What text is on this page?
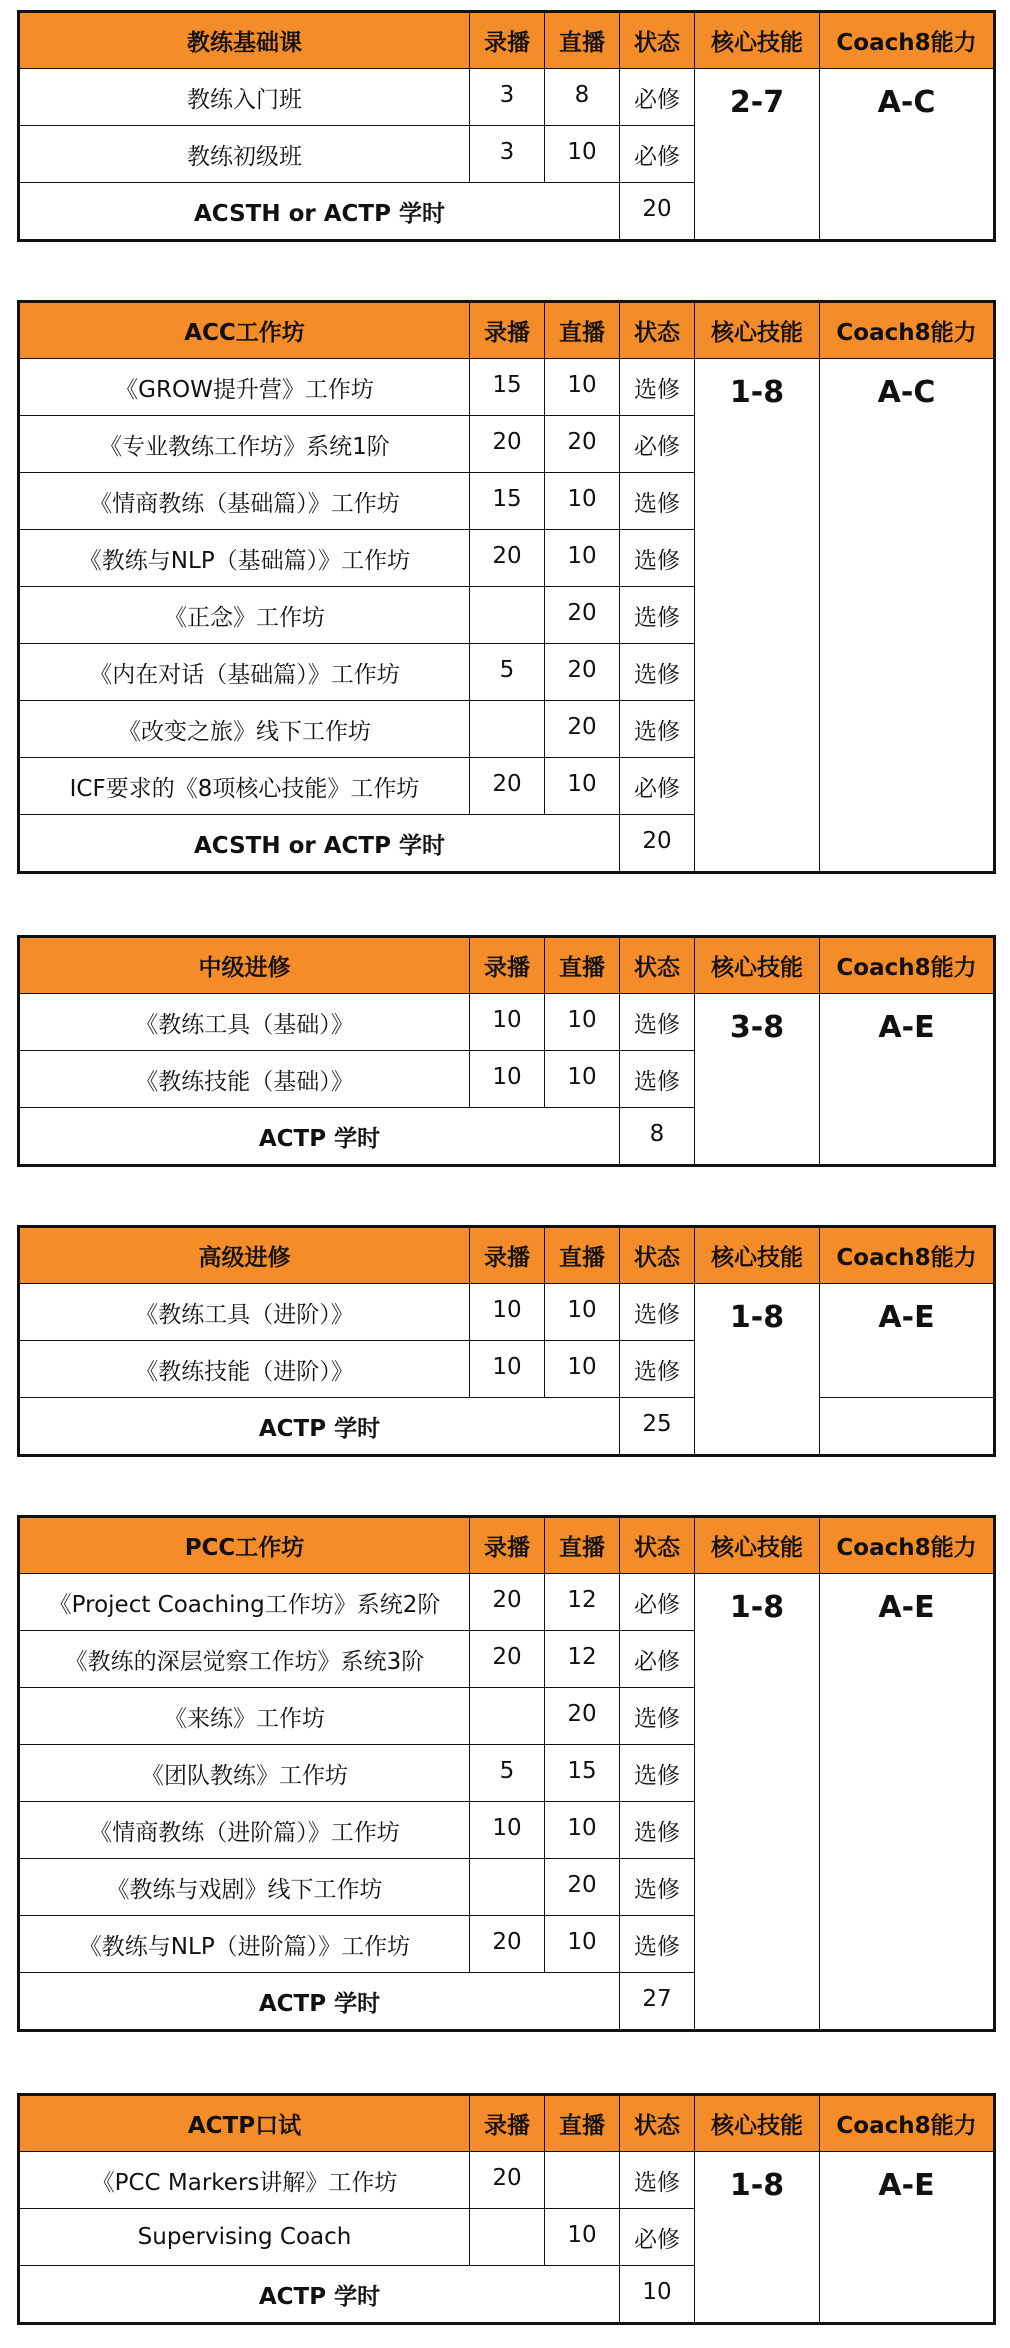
教练基础课	录播	直播	状态	核心技能	Coach8能力
教练入门班	3	8	必修	2-7	A-C
教练初级班	3	10	必修		
ACSTH or ACTP 学时			20		
ACC工作坊	录播	直播	状态	核心技能	Coach8能力
《GROW提升营》工作坊	15	10	选修	1-8	A-C
《专业教练工作坊》系统1阶	20	20	必修		
《情商教练（基础篇）》工作坊	15	10	选修		
《教练与NLP（基础篇）》工作坊	20	10	选修		
《正念》工作坊		20	选修		
《内在对话（基础篇）》工作坊	5	20	选修		
《改变之旅》线下工作坊		20	选修		
ICF要求的《8项核心技能》工作坊	20	10	必修		
ACSTH or ACTP 学时			20		
中级进修	录播	直播	状态	核心技能	Coach8能力
《教练工具（基础）》	10	10	选修	3-8	A-E
《教练技能（基础）》	10	10	选修		
ACTP 学时			8		
高级进修	录播	直播	状态	核心技能	Coach8能力
《教练工具（进阶）》	10	10	选修	1-8	A-E
《教练技能（进阶）》	10	10	选修		
ACTP 学时			25		
PCC工作坊	录播	直播	状态	核心技能	Coach8能力
《Project Coaching工作坊》系统2阶	20	12	必修	1-8	A-E
《教练的深层觉察工作坊》系统3阶	20	12	必修		
《来练》工作坊		20	选修		
《团队教练》工作坊	5	15	选修		
《情商教练（进阶篇）》工作坊	10	10	选修		
《教练与戏剧》线下工作坊		20	选修		
《教练与NLP（进阶篇）》工作坊	20	10	选修		
ACTP 学时			27		
ACTP口试	录播	直播	状态	核心技能	Coach8能力
《PCC Markers讲解》工作坊	20		选修	1-8	A-E
Supervising Coach		10	必修		
ACTP 学时			10		
